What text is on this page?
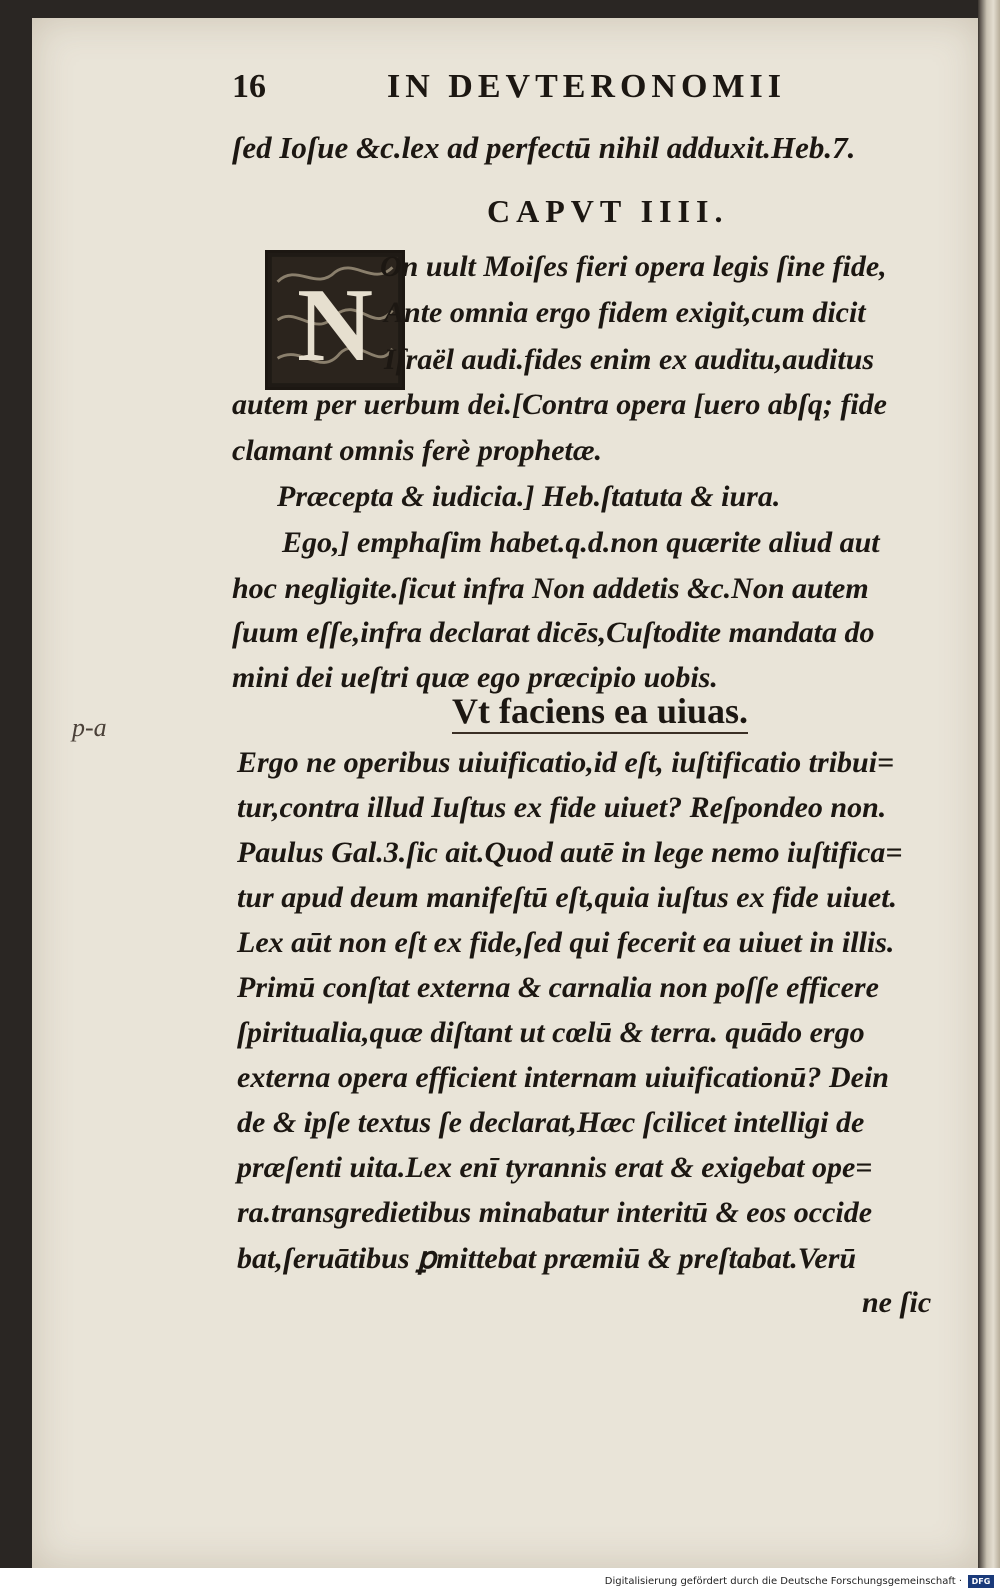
16	IN DEVTERONOMII
ſed Ioſue &c.lex ad perfectū nihil adduxit.Heb.7.
CAPVT IIII.
N On uult Moiſes fieri opera legis ſine fide,
Ante omnia ergo fidem exigit,cum dicit
Iſraël audi.fides enim ex auditu,auditus
autem per uerbum dei.[Contra opera [uero abſq; fide
clamant omnis ferè prophetæ.
Præcepta & iudicia.] Heb.ſtatuta & iura.
Ego,] emphaſim habet.q.d.non quærite aliud aut
hoc negligite.ſicut infra Non addetis &c.Non autem
ſuum eſſe,infra declarat dicēs,Cuſtodite mandata do
mini dei ueſtri quæ ego præcipio uobis.
Vt faciens ea uiuas.
p-a
Ergo ne operibus uiuificatio,id eſt, iuſtificatio tribui=
tur,contra illud Iuſtus ex fide uiuet? Reſpondeo non.
Paulus Gal.3.ſic ait.Quod autē in lege nemo iuſtifica=
tur apud deum manifeſtū eſt,quia iuſtus ex fide uiuet.
Lex aūt non eſt ex fide,ſed qui fecerit ea uiuet in illis.
Primū conſtat externa & carnalia non poſſe efficere
ſpiritualia,quæ diſtant ut cœlū & terra. quādo ergo
externa opera efficient internam uiuificationū? Dein
de & ipſe textus ſe declarat,Hæc ſcilicet intelligi de
præſenti uita.Lex enī tyrannis erat & exigebat ope=
ra.transgredietibus minabatur interitū & eos occide
bat,ſeruātibus ꝑmittebat præmiū & preſtabat.Verū
ne ſic
Digitalisierung gefördert durch die Deutsche Forschungsgemeinschaft ·	DFG
